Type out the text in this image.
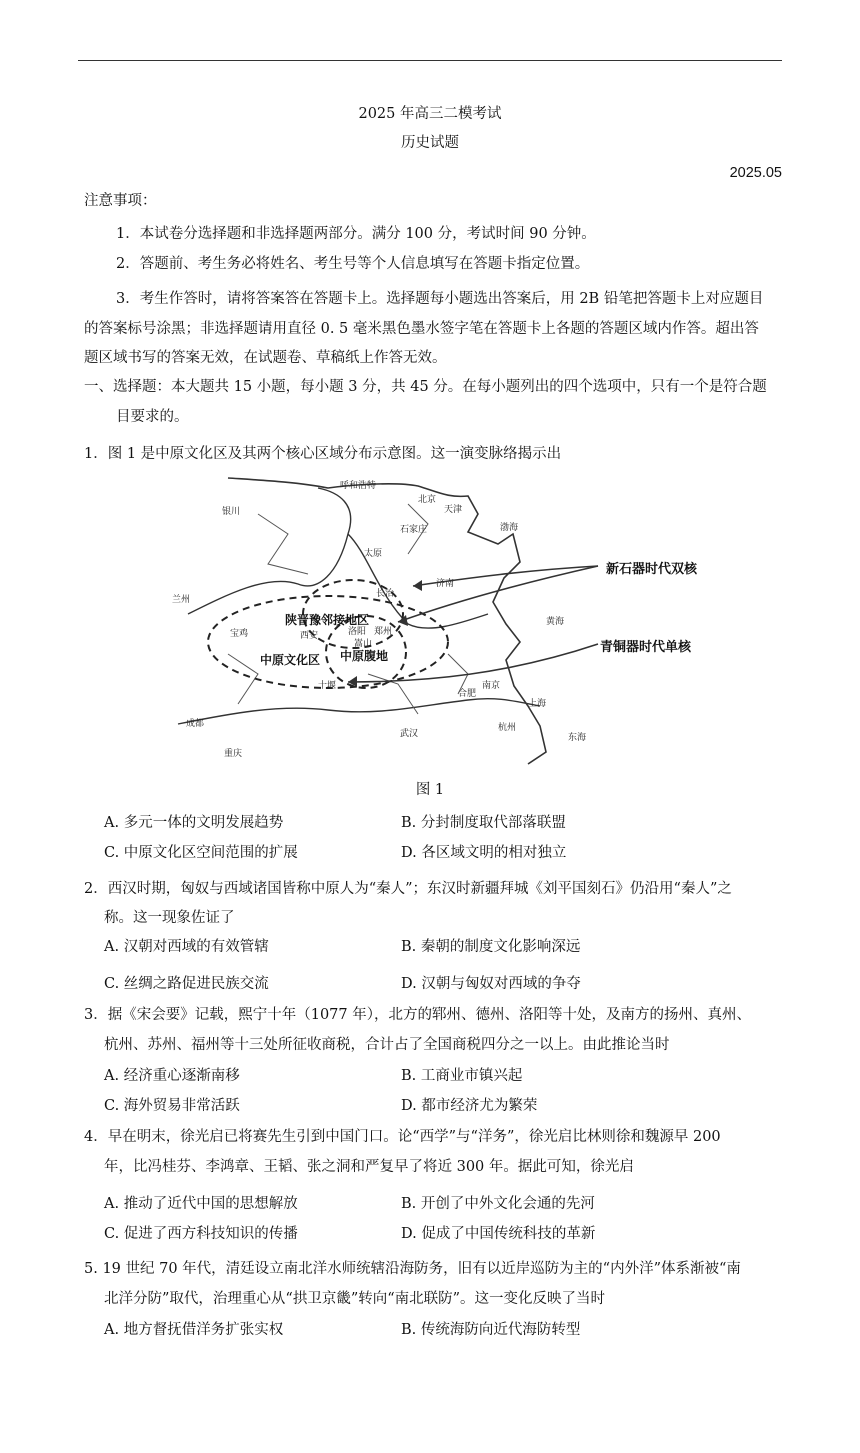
2025 年高三二模考试
历史试题
2025.05
注意事项：
1．本试卷分选择题和非选择题两部分。满分 100 分，考试时间 90 分钟。
2．答题前、考生务必将姓名、考生号等个人信息填写在答题卡指定位置。
3．考生作答时，请将答案答在答题卡上。选择题每小题选出答案后，用 2B 铅笔把答题卡上对应题目
的答案标号涂黑；非选择题请用直径 0. 5 毫米黑色墨水签字笔在答题卡上各题的答题区域内作答。超出答
题区域书写的答案无效，在试题卷、草稿纸上作答无效。
一、选择题：本大题共 15 小题，每小题 3 分，共 45 分。在每小题列出的四个选项中，只有一个是符合题
目要求的。
1．图 1 是中原文化区及其两个核心区域分布示意图。这一演变脉络揭示出
陕晋豫邻接地区
中原文化区 中原腹地
呼和浩特
北京
天津
银川
兰州
太原
石家庄
济南
西安	郑州
长治
洛阳
嵩山
南京
合肥
上海
杭州
武汉
成都
重庆
渤海
黄海
东海
宝鸡
十堰
新石器时代双核
青铜器时代单核
图 1
A. 多元一体的文明发展趋势	B. 分封制度取代部落联盟
C. 中原文化区空间范围的扩展	D. 各区域文明的相对独立
2．西汉时期，匈奴与西域诸国皆称中原人为“秦人”；东汉时新疆拜城《刘平国刻石》仍沿用“秦人”之
称。这一现象佐证了
A. 汉朝对西域的有效管辖	B. 秦朝的制度文化影响深远
C. 丝绸之路促进民族交流	D. 汉朝与匈奴对西域的争夺
3．据《宋会要》记载，熙宁十年（1077 年），北方的郓州、德州、洛阳等十处，及南方的扬州、真州、
杭州、苏州、福州等十三处所征收商税，合计占了全国商税四分之一以上。由此推论当时
A. 经济重心逐渐南移	B. 工商业市镇兴起
C. 海外贸易非常活跃	D. 都市经济尤为繁荣
4．早在明末，徐光启已将赛先生引到中国门口。论“西学”与“洋务”，徐光启比林则徐和魏源早 200
年，比冯桂芬、李鸿章、王韬、张之洞和严复早了将近 300 年。据此可知，徐光启
A. 推动了近代中国的思想解放	B. 开创了中外文化会通的先河
C. 促进了西方科技知识的传播	D. 促成了中国传统科技的革新
5. 19 世纪 70 年代，清廷设立南北洋水师统辖沿海防务，旧有以近岸巡防为主的“内外洋”体系渐被“南
北洋分防”取代，治理重心从“拱卫京畿”转向“南北联防”。这一变化反映了当时
A. 地方督抚借洋务扩张实权	B. 传统海防向近代海防转型
